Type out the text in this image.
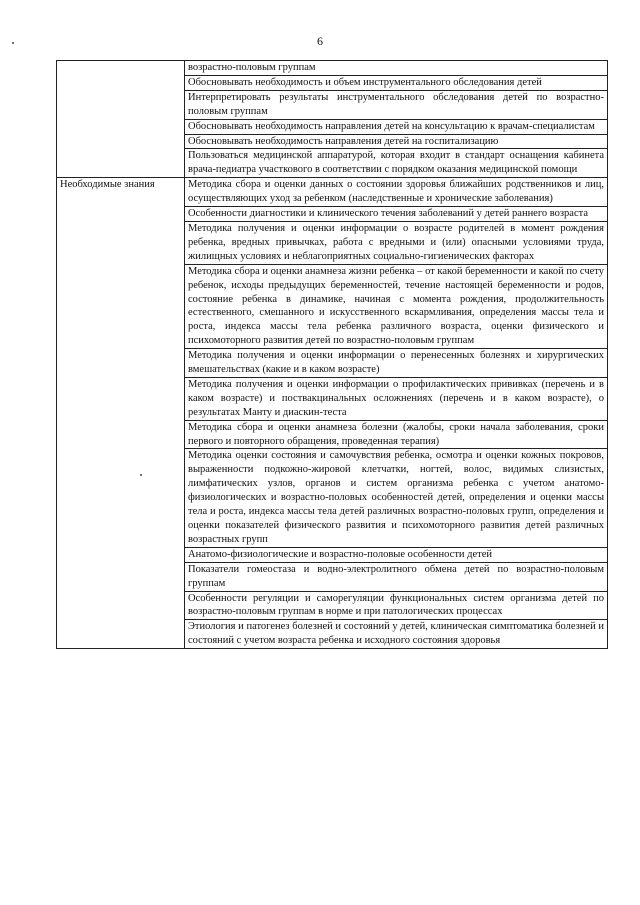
6
	возрастно-половым группам
	Обосновывать необходимость и объем инструментального обследования детей
	Интерпретировать результаты инструментального обследования детей по возрастно-половым группам
	Обосновывать необходимость направления детей на консультацию к врачам-специалистам
	Обосновывать необходимость направления детей на госпитализацию
	Пользоваться медицинской аппаратурой, которая входит в стандарт оснащения кабинета врача-педиатра участкового в соответствии с порядком оказания медицинской помощи
Необходимые знания	Методика сбора и оценки данных о состоянии здоровья ближайших родственников и лиц, осуществляющих уход за ребенком (наследственные и хронические заболевания)
	Особенности диагностики и клинического течения заболеваний у детей раннего возраста
	Методика получения и оценки информации о возрасте родителей в момент рождения ребенка, вредных привычках, работа с вредными и (или) опасными условиями труда, жилищных условиях и неблагоприятных социально-гигиенических факторах
	Методика сбора и оценки анамнеза жизни ребенка – от какой беременности и какой по счету ребенок, исходы предыдущих беременностей, течение настоящей беременности и родов, состояние ребенка в динамике, начиная с момента рождения, продолжительность естественного, смешанного и искусственного вскармливания, определения массы тела и роста, индекса массы тела ребенка различного возраста, оценки физического и психомоторного развития детей по возрастно-половым группам
	Методика получения и оценки информации о перенесенных болезнях и хирургических вмешательствах (какие и в каком возрасте)
	Методика получения и оценки информации о профилактических прививках (перечень и в каком возрасте) и поствакцинальных осложнениях (перечень и в каком возрасте), о результатах Манту и диаскин-теста
	Методика сбора и оценки анамнеза болезни (жалобы, сроки начала заболевания, сроки первого и повторного обращения, проведенная терапия)
	Методика оценки состояния и самочувствия ребенка, осмотра и оценки кожных покровов, выраженности подкожно-жировой клетчатки, ногтей, волос, видимых слизистых, лимфатических узлов, органов и систем организма ребенка с учетом анатомо-физиологических и возрастно-половых особенностей детей, определения и оценки массы тела и роста, индекса массы тела детей различных возрастно-половых групп, определения и оценки показателей физического развития и психомоторного развития детей различных возрастных групп
	Анатомо-физиологические и возрастно-половые особенности детей
	Показатели гомеостаза и водно-электролитного обмена детей по возрастно-половым группам
	Особенности регуляции и саморегуляции функциональных систем организма детей по возрастно-половым группам в норме и при патологических процессах
	Этиология и патогенез болезней и состояний у детей, клиническая симптоматика болезней и состояний с учетом возраста ребенка и исходного состояния здоровья
